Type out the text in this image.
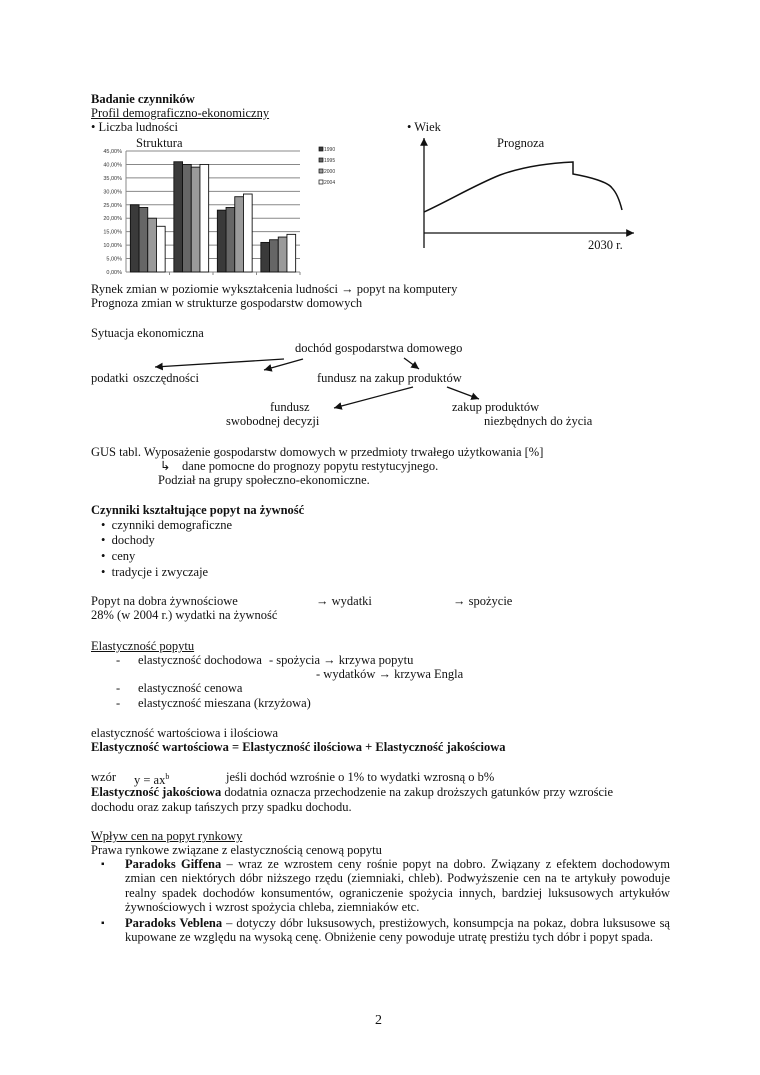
Badanie czynników
Profil demograficzno-ekonomiczny
• Liczba ludności	• Wiek
Struktura
0,00%
5,00%
10,00%
15,00%
20,00%
25,00%
30,00%
35,00%
40,00%
45,00%	1990
1995
2000
2004
Prognoza
2030 r.
Rynek zmian w poziomie wykształcenia ludności → popyt na komputery
Prognoza zmian w strukturze gospodarstw domowych
Sytuacja ekonomiczna
dochód gospodarstwa domowego
podatki oszczędności	fundusz na zakup produktów
fundusz
swobodnej decyzji
zakup produktów
niezbędnych do życia
GUS tabl. Wyposażenie gospodarstw domowych w przedmioty trwałego użytkowania [%]
↳ dane pomocne do prognozy popytu restytucyjnego.
Podział na grupy społeczno-ekonomiczne.
Czynniki kształtujące popyt na żywność
• czynniki demograficzne
• dochody
• ceny
• tradycje i zwyczaje
Popyt na dobra żywnościowe	→ wydatki	→ spożycie
28% (w 2004 r.) wydatki na żywność
Elastyczność popytu
- elastyczność dochodowa - spożycia → krzywa popytu
- wydatków → krzywa Engla
- elastyczność cenowa
- elastyczność mieszana (krzyżowa)
elastyczność wartościowa i ilościowa
Elastyczność wartościowa = Elastyczność ilościowa + Elastyczność jakościowa
wzór $y = ax^b$	jeśli dochód wzrośnie o 1% to wydatki wzrosną o b%
Elastyczność jakościowa dodatnia oznacza przechodzenie na zakup droższych gatunków przy wzroście
dochodu oraz zakup tańszych przy spadku dochodu.
Wpływ cen na popyt rynkowy
Prawa rynkowe związane z elastycznością cenową popytu
▪ Paradoks Giffena – wraz ze wzrostem ceny rośnie popyt na dobro. Związany z efektem dochodowym zmian cen niektórych dóbr niższego rzędu (ziemniaki, chleb). Podwyższenie cen na te artykuły powoduje realny spadek dochodów konsumentów, ograniczenie spożycia innych, bardziej luksusowych artykułów żywnościowych i wzrost spożycia chleba, ziemniaków etc.
▪ Paradoks Veblena – dotyczy dóbr luksusowych, prestiżowych, konsumpcja na pokaz, dobra luksusowe są kupowane ze względu na wysoką cenę. Obniżenie ceny powoduje utratę prestiżu tych dóbr i popyt spada.
2
